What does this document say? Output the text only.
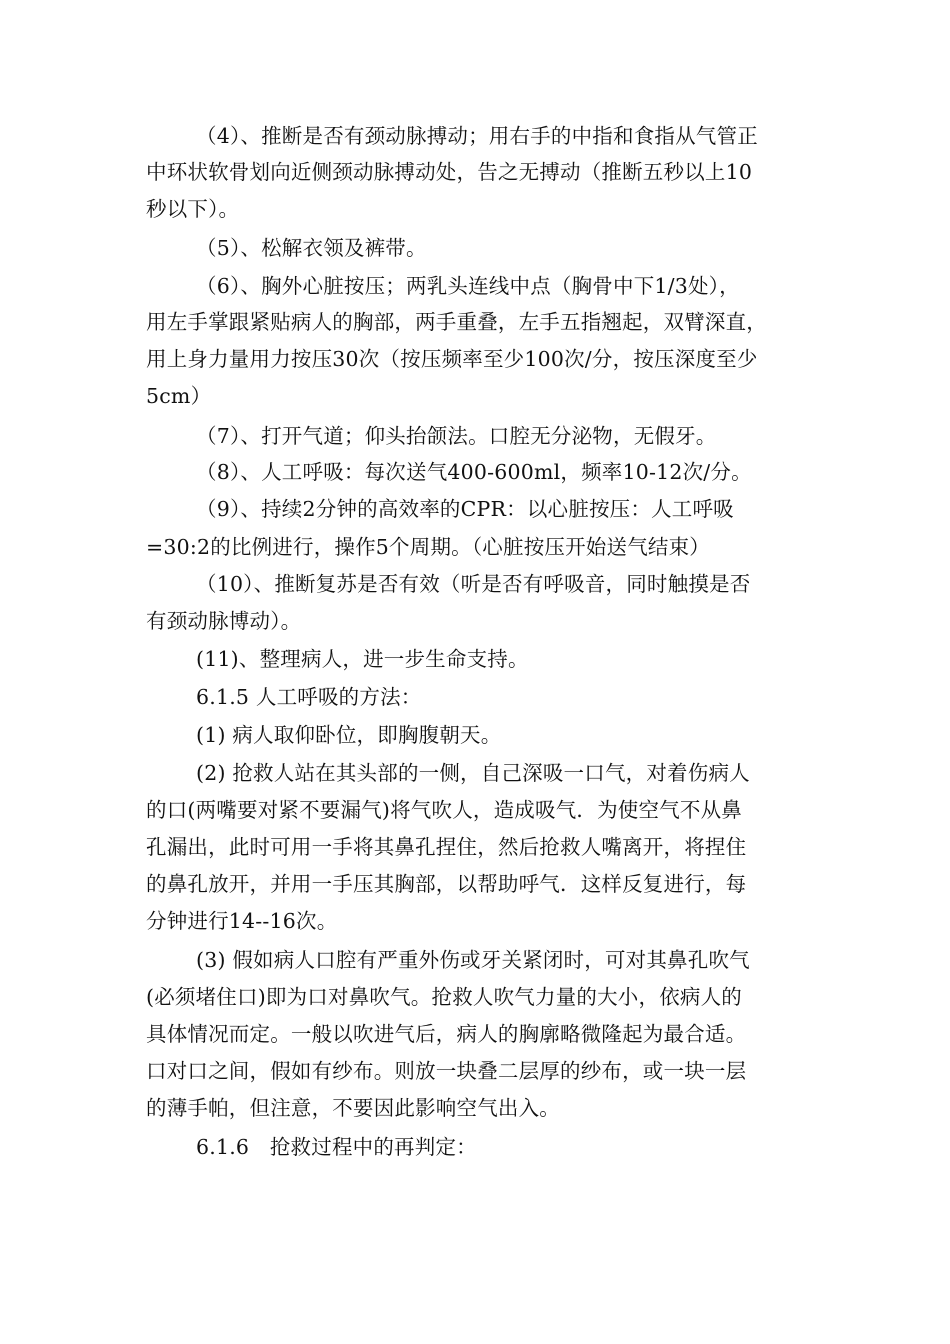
（4）、推断是否有颈动脉搏动；用右手的中指和食指从气管正
中环状软骨划向近侧颈动脉搏动处，告之无搏动（推断五秒以上10
秒以下）。
（5）、松解衣领及裤带。
（6）、胸外心脏按压；两乳头连线中点（胸骨中下1/3处），
用左手掌跟紧贴病人的胸部，两手重叠，左手五指翘起，双臂深直，
用上身力量用力按压30次（按压频率至少100次/分，按压深度至少
5cm）
（7）、打开气道；仰头抬颌法。口腔无分泌物，无假牙。
（8）、人工呼吸：每次送气400-600ml，频率10-12次/分。
（9）、持续2分钟的高效率的CPR：以心脏按压：人工呼吸
=30:2的比例进行，操作5个周期。（心脏按压开始送气结束）
（10）、推断复苏是否有效（听是否有呼吸音，同时触摸是否
有颈动脉博动）。
(11)、整理病人，进一步生命支持。
6.1.5 人工呼吸的方法：
(1) 病人取仰卧位，即胸腹朝天。
(2) 抢救人站在其头部的一侧，自己深吸一口气，对着伤病人
的口(两嘴要对紧不要漏气)将气吹人，造成吸气．为使空气不从鼻
孔漏出，此时可用一手将其鼻孔捏住，然后抢救人嘴离开，将捏住
的鼻孔放开，并用一手压其胸部，以帮助呼气．这样反复进行，每
分钟进行14--16次。
(3) 假如病人口腔有严重外伤或牙关紧闭时，可对其鼻孔吹气
(必须堵住口)即为口对鼻吹气。抢救人吹气力量的大小，依病人的
具体情况而定。一般以吹进气后，病人的胸廓略微隆起为最合适。
口对口之间，假如有纱布。则放一块叠二层厚的纱布，或一块一层
的薄手帕，但注意，不要因此影响空气出入。
6.1.6　抢救过程中的再判定：
